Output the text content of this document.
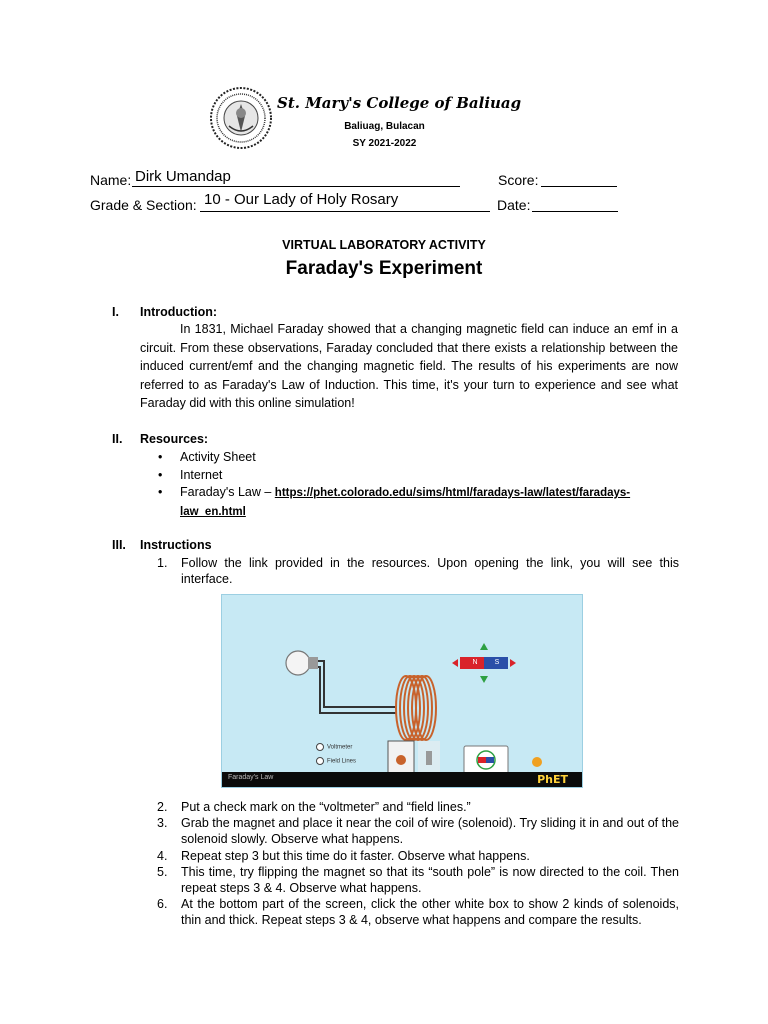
St. Mary's College of Baliuag
Baliuag, Bulacan
SY 2021-2022
Name: Dirk Umandap	Score:
Grade & Section: 10 - Our Lady of Holy Rosary	Date:
VIRTUAL LABORATORY ACTIVITY
Faraday's Experiment
I. Introduction:

In 1831, Michael Faraday showed that a changing magnetic field can induce an emf in a circuit. From these observations, Faraday concluded that there exists a relationship between the induced current/emf and the changing magnetic field. The results of his experiments are now referred to as Faraday's Law of Induction. This time, it's your turn to experience and see what Faraday did with this online simulation!

II. Resources:
• Activity Sheet
• Internet
• Faraday's Law – https://phet.colorado.edu/sims/html/faradays-law/latest/faradays-law_en.html
III. Instructions
1. Follow the link provided in the resources. Upon opening the link, you will see this interface.
Voltmeter
Field Lines
N	S
Faraday's Law	PhET
2. Put a check mark on the “voltmeter” and “field lines.”
3. Grab the magnet and place it near the coil of wire (solenoid). Try sliding it in and out of the solenoid slowly. Observe what happens.
4. Repeat step 3 but this time do it faster. Observe what happens.
5. This time, try flipping the magnet so that its “south pole” is now directed to the coil. Then repeat steps 3 & 4. Observe what happens.
6. At the bottom part of the screen, click the other white box to show 2 kinds of solenoids, thin and thick. Repeat steps 3 & 4, observe what happens and compare the results.
